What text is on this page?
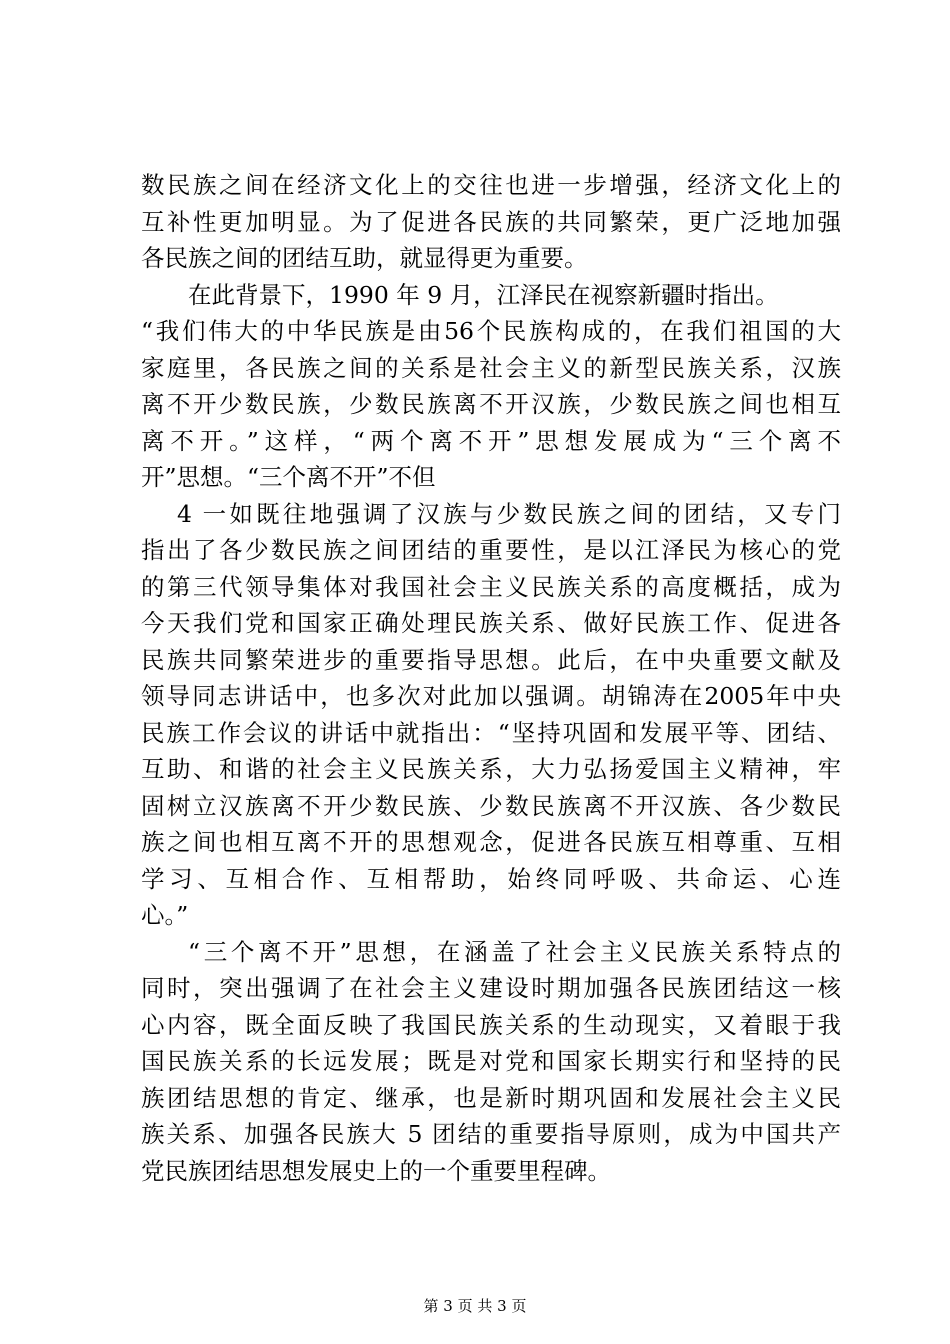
数民族之间在经济文化上的交往也进一步增强，经济文化上的
互补性更加明显。为了促进各民族的共同繁荣，更广泛地加强
各民族之间的团结互助，就显得更为重要。
在此背景下，1990 年 9 月，江泽民在视察新疆时指出。
“我们伟大的中华民族是由56个民族构成的，在我们祖国的大
家庭里，各民族之间的关系是社会主义的新型民族关系，汉族
离不开少数民族，少数民族离不开汉族，少数民族之间也相互
离不开。”这样，“两个离不开”思想发展成为“三个离不
开”思想。“三个离不开”不但
4 一如既往地强调了汉族与少数民族之间的团结，又专门
指出了各少数民族之间团结的重要性，是以江泽民为核心的党
的第三代领导集体对我国社会主义民族关系的高度概括，成为
今天我们党和国家正确处理民族关系、做好民族工作、促进各
民族共同繁荣进步的重要指导思想。此后，在中央重要文献及
领导同志讲话中，也多次对此加以强调。胡锦涛在2005年中央
民族工作会议的讲话中就指出：“坚持巩固和发展平等、团结、
互助、和谐的社会主义民族关系，大力弘扬爱国主义精神，牢
固树立汉族离不开少数民族、少数民族离不开汉族、各少数民
族之间也相互离不开的思想观念，促进各民族互相尊重、互相
学习、互相合作、互相帮助，始终同呼吸、共命运、心连
心。”
“三个离不开”思想，在涵盖了社会主义民族关系特点的
同时，突出强调了在社会主义建设时期加强各民族团结这一核
心内容，既全面反映了我国民族关系的生动现实，又着眼于我
国民族关系的长远发展；既是对党和国家长期实行和坚持的民
族团结思想的肯定、继承，也是新时期巩固和发展社会主义民
族关系、加强各民族大 5 团结的重要指导原则，成为中国共产
党民族团结思想发展史上的一个重要里程碑。
第 3 页 共 3 页
